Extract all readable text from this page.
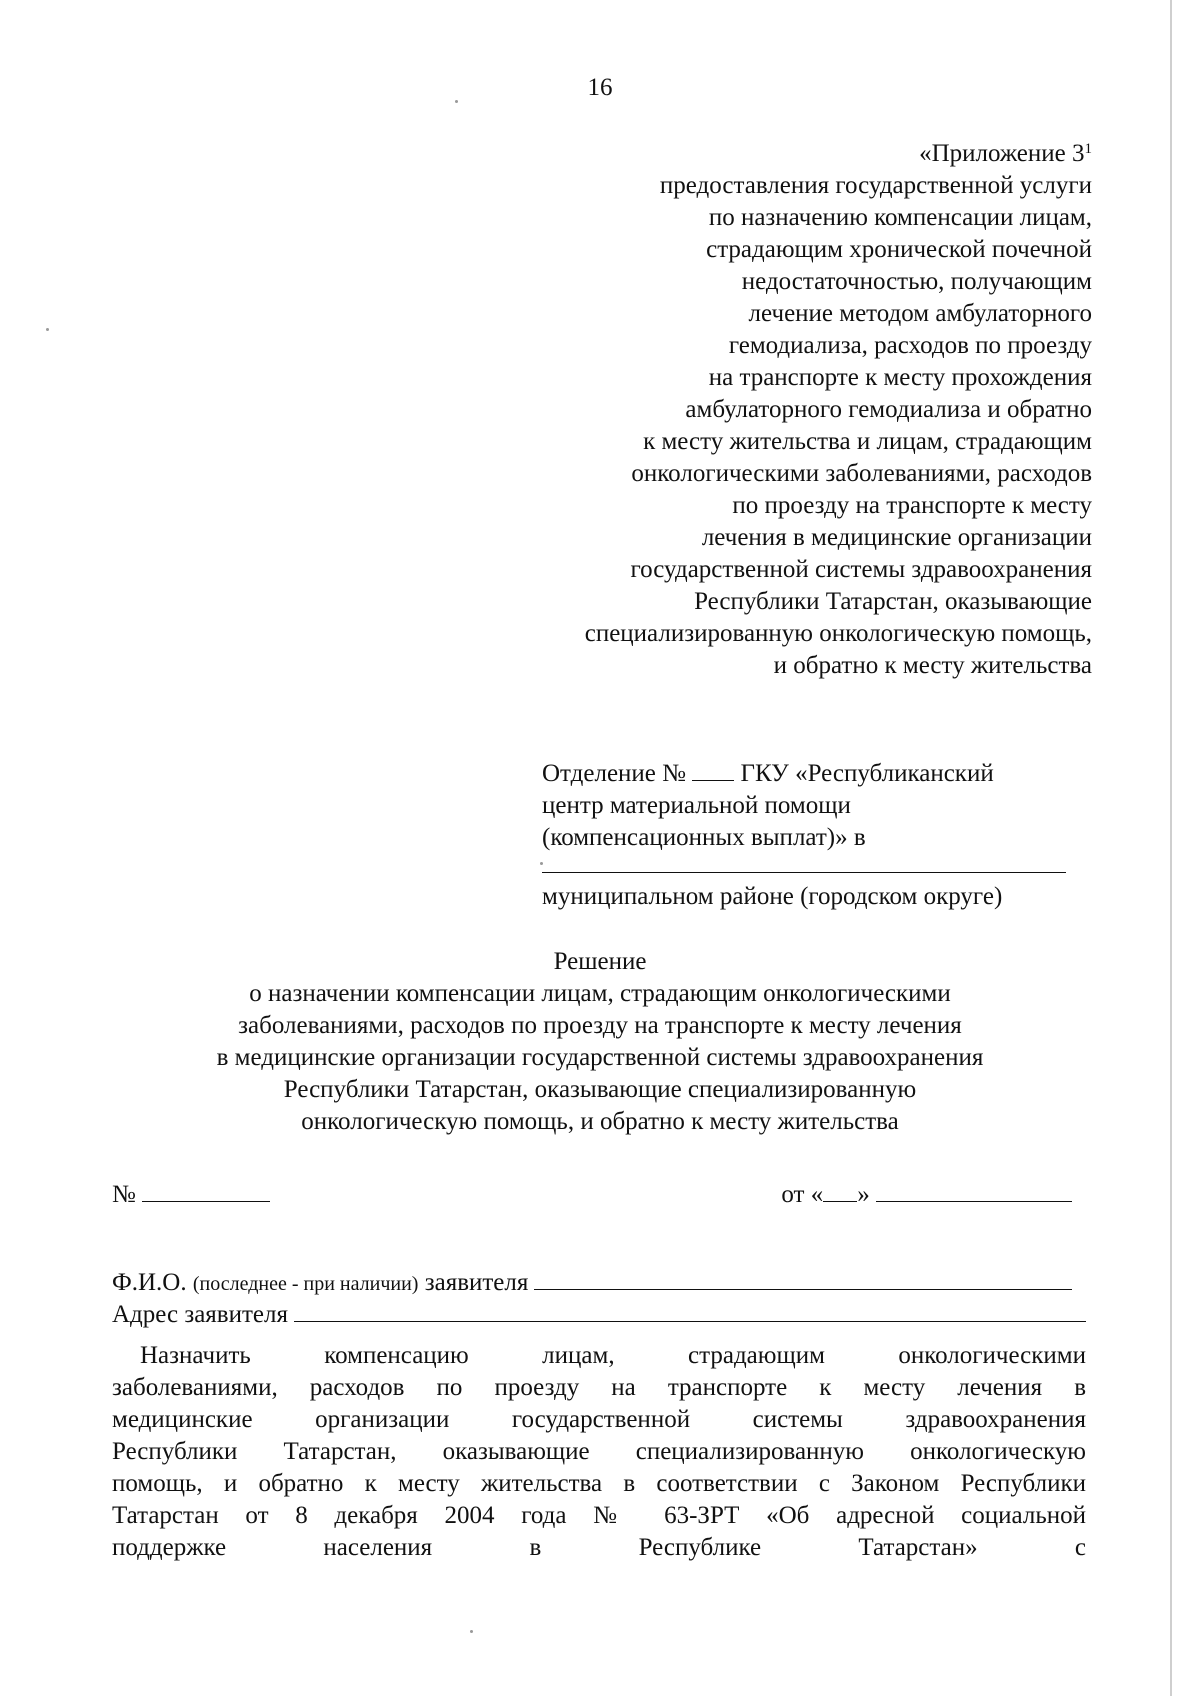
16
«Приложение $3^1$
предоставления государственной услуги
по назначению компенсации лицам,
страдающим хронической почечной
недостаточностью, получающим
лечение методом амбулаторного
гемодиализа, расходов по проезду
на транспорте к месту прохождения
амбулаторного гемодиализа и обратно
к месту жительства и лицам, страдающим
онкологическими заболеваниями, расходов
по проезду на транспорте к месту
лечения в медицинские организации
государственной системы здравоохранения
Республики Татарстан, оказывающие
специализированную онкологическую помощь,
и обратно к месту жительства
Отделение № ГКУ «Республиканский
центр материальной помощи
(компенсационных выплат)» в
муниципальном районе (городском округе)
Решение
о назначении компенсации лицам, страдающим онкологическими
заболеваниями, расходов по проезду на транспорте к месту лечения
в медицинские организации государственной системы здравоохранения
Республики Татарстан, оказывающие специализированную
онкологическую помощь, и обратно к месту жительства
№	от « »
Ф.И.О.
(последнее - при наличии)
заявителя
Адрес заявителя
Назначить компенсацию лицам, страдающим онкологическими
заболеваниями, расходов по проезду на транспорте к месту лечения в
медицинские организации государственной системы здравоохранения
Республики Татарстан, оказывающие специализированную онкологическую
помощь, и обратно к месту жительства в соответствии с Законом Республики
Татарстан от 8 декабря 2004 года № 63-ЗРТ «Об адресной социальной
поддержке населения в Республике Татарстан» с
